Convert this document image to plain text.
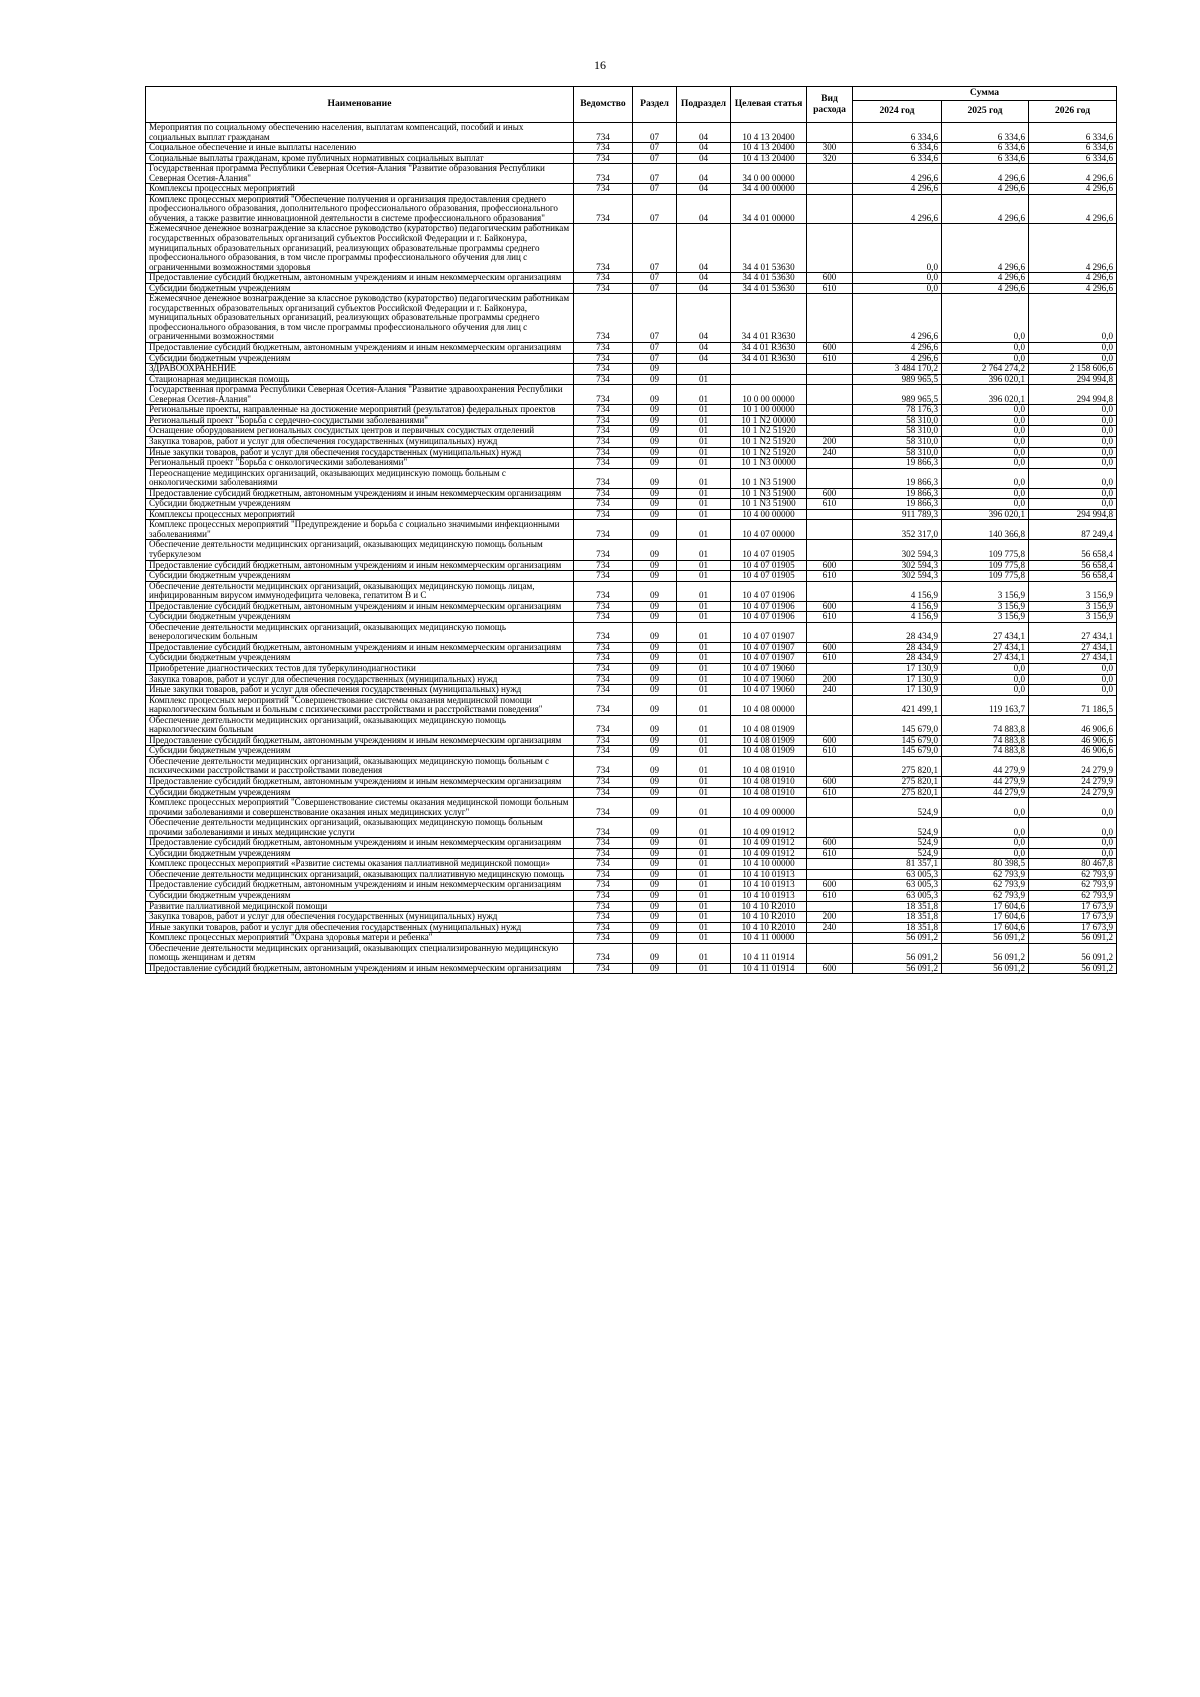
16
Наименование	Ведомство	Раздел	Подраздел	Целевая статья	Вид расхода	Сумма		
						2024 год	2025 год	2026 год
Мероприятия по социальному обеспечению населения, выплатам компенсаций, пособий и иных социальных выплат гражданам	734	07	04	10 4 13 20400		6 334,6	6 334,6	6 334,6
Социальное обеспечение и иные выплаты населению	734	07	04	10 4 13 20400	300	6 334,6	6 334,6	6 334,6
Социальные выплаты гражданам, кроме публичных нормативных социальных выплат	734	07	04	10 4 13 20400	320	6 334,6	6 334,6	6 334,6
Государственная программа Республики Северная Осетия-Алания "Развитие образования Республики Северная Осетия-Алания"	734	07	04	34 0 00 00000		4 296,6	4 296,6	4 296,6
Комплексы процессных мероприятий	734	07	04	34 4 00 00000		4 296,6	4 296,6	4 296,6
Комплекс процессных мероприятий "Обеспечение получения и организация предоставления среднего профессионального образования, дополнительного профессионального образования, профессионального обучения, а также развитие инновационной деятельности в системе профессионального образования"	734	07	04	34 4 01 00000		4 296,6	4 296,6	4 296,6
Ежемесячное денежное вознаграждение за классное руководство (кураторство) педагогическим работникам государственных образовательных организаций субъектов Российской Федерации и г. Байконура, муниципальных образовательных организаций, реализующих образовательные программы среднего профессионального образования, в том числе программы профессионального обучения для лиц с ограниченными возможностями здоровья	734	07	04	34 4 01 53630		0,0	4 296,6	4 296,6
Предоставление субсидий бюджетным, автономным учреждениям и иным некоммерческим организациям	734	07	04	34 4 01 53630	600	0,0	4 296,6	4 296,6
Субсидии бюджетным учреждениям	734	07	04	34 4 01 53630	610	0,0	4 296,6	4 296,6
Ежемесячное денежное вознаграждение за классное руководство (кураторство) педагогическим работникам государственных образовательных организаций субъектов Российской Федерации и г. Байконура, муниципальных образовательных организаций, реализующих образовательные программы среднего профессионального образования, в том числе программы профессионального обучения для лиц с ограниченными возможностями	734	07	04	34 4 01 R3630		4 296,6	0,0	0,0
Предоставление субсидий бюджетным, автономным учреждениям и иным некоммерческим организациям	734	07	04	34 4 01 R3630	600	4 296,6	0,0	0,0
Субсидии бюджетным учреждениям	734	07	04	34 4 01 R3630	610	4 296,6	0,0	0,0
ЗДРАВООХРАНЕНИЕ	734	09				3 484 170,2	2 764 274,2	2 158 606,6
Стационарная медицинская помощь	734	09	01			989 965,5	396 020,1	294 994,8
Государственная программа Республики Северная Осетия-Алания "Развитие здравоохранения Республики Северная Осетия-Алания"	734	09	01	10 0 00 00000		989 965,5	396 020,1	294 994,8
Региональные проекты, направленные на достижение мероприятий (результатов) федеральных проектов	734	09	01	10 1 00 00000		78 176,3	0,0	0,0
Региональный проект "Борьба с сердечно-сосудистыми заболеваниями"	734	09	01	10 1 N2 00000		58 310,0	0,0	0,0
Оснащение оборудованием региональных сосудистых центров и первичных сосудистых отделений	734	09	01	10 1 N2 51920		58 310,0	0,0	0,0
Закупка товаров, работ и услуг для обеспечения государственных (муниципальных) нужд	734	09	01	10 1 N2 51920	200	58 310,0	0,0	0,0
Иные закупки товаров, работ и услуг для обеспечения государственных (муниципальных) нужд	734	09	01	10 1 N2 51920	240	58 310,0	0,0	0,0
Региональный проект "Борьба с онкологическими заболеваниями"	734	09	01	10 1 N3 00000		19 866,3	0,0	0,0
Переоснащение медицинских организаций, оказывающих медицинскую помощь больным с онкологическими заболеваниями	734	09	01	10 1 N3 51900		19 866,3	0,0	0,0
Предоставление субсидий бюджетным, автономным учреждениям и иным некоммерческим организациям	734	09	01	10 1 N3 51900	600	19 866,3	0,0	0,0
Субсидии бюджетным учреждениям	734	09	01	10 1 N3 51900	610	19 866,3	0,0	0,0
Комплексы процессных мероприятий	734	09	01	10 4 00 00000		911 789,3	396 020,1	294 994,8
Комплекс процессных мероприятий "Предупреждение и борьба с социально значимыми инфекционными заболеваниями"	734	09	01	10 4 07 00000		352 317,0	140 366,8	87 249,4
Обеспечение деятельности медицинских организаций, оказывающих медицинскую помощь больным туберкулезом	734	09	01	10 4 07 01905		302 594,3	109 775,8	56 658,4
Предоставление субсидий бюджетным, автономным учреждениям и иным некоммерческим организациям	734	09	01	10 4 07 01905	600	302 594,3	109 775,8	56 658,4
Субсидии бюджетным учреждениям	734	09	01	10 4 07 01905	610	302 594,3	109 775,8	56 658,4
Обеспечение деятельности медицинских организаций, оказывающих медицинскую помощь лицам, инфицированным вирусом иммунодефицита человека, гепатитом B и C	734	09	01	10 4 07 01906		4 156,9	3 156,9	3 156,9
Предоставление субсидий бюджетным, автономным учреждениям и иным некоммерческим организациям	734	09	01	10 4 07 01906	600	4 156,9	3 156,9	3 156,9
Субсидии бюджетным учреждениям	734	09	01	10 4 07 01906	610	4 156,9	3 156,9	3 156,9
Обеспечение деятельности медицинских организаций, оказывающих медицинскую помощь венерологическим больным	734	09	01	10 4 07 01907		28 434,9	27 434,1	27 434,1
Предоставление субсидий бюджетным, автономным учреждениям и иным некоммерческим организациям	734	09	01	10 4 07 01907	600	28 434,9	27 434,1	27 434,1
Субсидии бюджетным учреждениям	734	09	01	10 4 07 01907	610	28 434,9	27 434,1	27 434,1
Приобретение диагностических тестов для туберкулинодиагностики	734	09	01	10 4 07 19060		17 130,9	0,0	0,0
Закупка товаров, работ и услуг для обеспечения государственных (муниципальных) нужд	734	09	01	10 4 07 19060	200	17 130,9	0,0	0,0
Иные закупки товаров, работ и услуг для обеспечения государственных (муниципальных) нужд	734	09	01	10 4 07 19060	240	17 130,9	0,0	0,0
Комплекс процессных мероприятий "Совершенствование системы оказания медицинской помощи наркологическим больным и больным с психическими расстройствами и расстройствами поведения"	734	09	01	10 4 08 00000		421 499,1	119 163,7	71 186,5
Обеспечение деятельности медицинских организаций, оказывающих медицинскую помощь наркологическим больным	734	09	01	10 4 08 01909		145 679,0	74 883,8	46 906,6
Предоставление субсидий бюджетным, автономным учреждениям и иным некоммерческим организациям	734	09	01	10 4 08 01909	600	145 679,0	74 883,8	46 906,6
Субсидии бюджетным учреждениям	734	09	01	10 4 08 01909	610	145 679,0	74 883,8	46 906,6
Обеспечение деятельности медицинских организаций, оказывающих медицинскую помощь больным с психическими расстройствами и расстройствами поведения	734	09	01	10 4 08 01910		275 820,1	44 279,9	24 279,9
Предоставление субсидий бюджетным, автономным учреждениям и иным некоммерческим организациям	734	09	01	10 4 08 01910	600	275 820,1	44 279,9	24 279,9
Субсидии бюджетным учреждениям	734	09	01	10 4 08 01910	610	275 820,1	44 279,9	24 279,9
Комплекс процессных мероприятий "Совершенствование системы оказания медицинской помощи больным прочими заболеваниями и совершенствование оказания иных медицинских услуг"	734	09	01	10 4 09 00000		524,9	0,0	0,0
Обеспечение деятельности медицинских организаций, оказывающих медицинскую помощь больным прочими заболеваниями и иных медицинские услуги	734	09	01	10 4 09 01912		524,9	0,0	0,0
Предоставление субсидий бюджетным, автономным учреждениям и иным некоммерческим организациям	734	09	01	10 4 09 01912	600	524,9	0,0	0,0
Субсидии бюджетным учреждениям	734	09	01	10 4 09 01912	610	524,9	0,0	0,0
Комплекс процессных мероприятий «Развитие системы оказания паллиативной медицинской помощи»	734	09	01	10 4 10 00000		81 357,1	80 398,5	80 467,8
Обеспечение деятельности медицинских организаций, оказывающих паллиативную медицинскую помощь	734	09	01	10 4 10 01913		63 005,3	62 793,9	62 793,9
Предоставление субсидий бюджетным, автономным учреждениям и иным некоммерческим организациям	734	09	01	10 4 10 01913	600	63 005,3	62 793,9	62 793,9
Субсидии бюджетным учреждениям	734	09	01	10 4 10 01913	610	63 005,3	62 793,9	62 793,9
Развитие паллиативной медицинской помощи	734	09	01	10 4 10 R2010		18 351,8	17 604,6	17 673,9
Закупка товаров, работ и услуг для обеспечения государственных (муниципальных) нужд	734	09	01	10 4 10 R2010	200	18 351,8	17 604,6	17 673,9
Иные закупки товаров, работ и услуг для обеспечения государственных (муниципальных) нужд	734	09	01	10 4 10 R2010	240	18 351,8	17 604,6	17 673,9
Комплекс процессных мероприятий "Охрана здоровья матери и ребенка"	734	09	01	10 4 11 00000		56 091,2	56 091,2	56 091,2
Обеспечение деятельности медицинских организаций, оказывающих специализированную медицинскую помощь женщинам и детям	734	09	01	10 4 11 01914		56 091,2	56 091,2	56 091,2
Предоставление субсидий бюджетным, автономным учреждениям и иным некоммерческим организациям	734	09	01	10 4 11 01914	600	56 091,2	56 091,2	56 091,2
